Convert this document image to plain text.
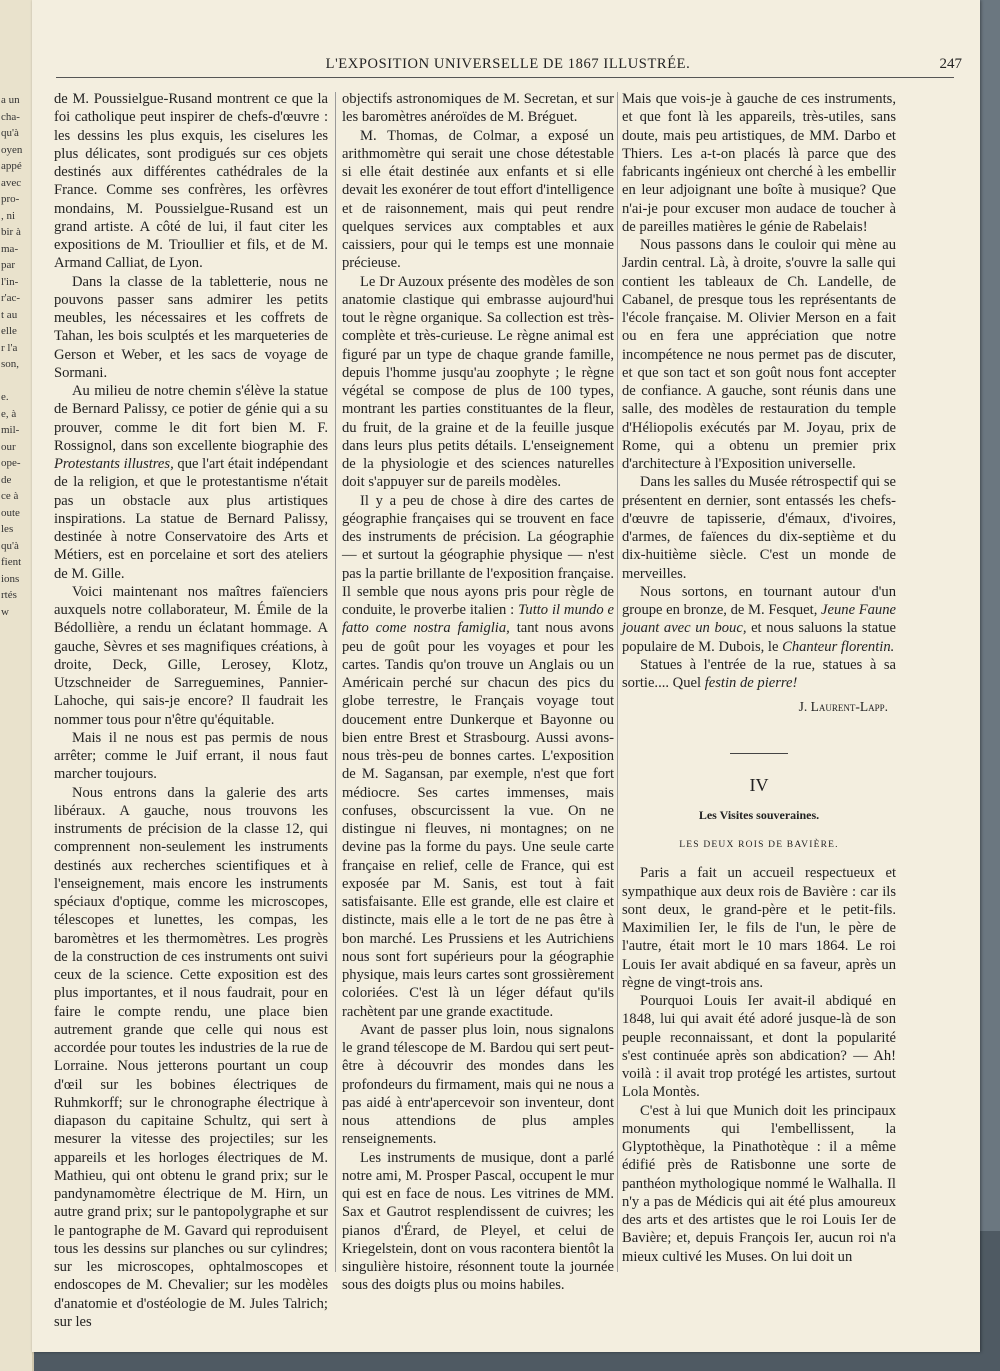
a un
cha-
qu'à
oyen
appé
avec
pro-
, ni
bir à
ma-
par
l'in-
r'ac-
t au
elle
r l'a
son,

e.
e, à
mil-
our
ope-
de
ce à
oute
les
qu'à
fient
ions
rtés
w
L'EXPOSITION UNIVERSELLE DE 1867 ILLUSTRÉE.	247

de M. Poussielgue-Rusand montrent ce que la foi catholique peut inspirer de chefs-d'œuvre : les dessins les plus exquis, les ciselures les plus délicates, sont prodigués sur ces objets destinés aux différentes cathédrales de la France. Comme ses confrères, les orfèvres mondains, M. Poussielgue-Rusand est un grand artiste. A côté de lui, il faut citer les expositions de M. Trioullier et fils, et de M. Armand Calliat, de Lyon.

Dans la classe de la tabletterie, nous ne pouvons passer sans admirer les petits meubles, les nécessaires et les coffrets de Tahan, les bois sculptés et les marqueteries de Gerson et Weber, et les sacs de voyage de Sormani.

Au milieu de notre chemin s'élève la statue de Bernard Palissy, ce potier de génie qui a su prouver, comme le dit fort bien M. F. Rossignol, dans son excellente biographie des Protestants illustres, que l'art était indépendant de la religion, et que le protestantisme n'était pas un obstacle aux plus artistiques inspirations. La statue de Bernard Palissy, destinée à notre Conservatoire des Arts et Métiers, est en porcelaine et sort des ateliers de M. Gille.

Voici maintenant nos maîtres faïenciers auxquels notre collaborateur, M. Émile de la Bédollière, a rendu un éclatant hommage. A gauche, Sèvres et ses magnifiques créations, à droite, Deck, Gille, Lerosey, Klotz, Utzschneider de Sarreguemines, Pannier-Lahoche, qui sais-je encore? Il faudrait les nommer tous pour n'être qu'équitable.

Mais il ne nous est pas permis de nous arrêter; comme le Juif errant, il nous faut marcher toujours.

Nous entrons dans la galerie des arts libéraux. A gauche, nous trouvons les instruments de précision de la classe 12, qui comprennent non-seulement les instruments destinés aux recherches scientifiques et à l'enseignement, mais encore les instruments spéciaux d'optique, comme les microscopes, télescopes et lunettes, les compas, les baromètres et les thermomètres. Les progrès de la construction de ces instruments ont suivi ceux de la science. Cette exposition est des plus importantes, et il nous faudrait, pour en faire le compte rendu, une place bien autrement grande que celle qui nous est accordée pour toutes les industries de la rue de Lorraine. Nous jetterons pourtant un coup d'œil sur les bobines électriques de Ruhmkorff; sur le chronographe électrique à diapason du capitaine Schultz, qui sert à mesurer la vitesse des projectiles; sur les appareils et les horloges électriques de M. Mathieu, qui ont obtenu le grand prix; sur le pandynamomètre électrique de M. Hirn, un autre grand prix; sur le pantopolygraphe et sur le pantographe de M. Gavard qui reproduisent tous les dessins sur planches ou sur cylindres; sur les microscopes, ophtalmoscopes et endoscopes de M. Chevalier; sur les modèles d'anatomie et d'ostéologie de M. Jules Talrich; sur les

objectifs astronomiques de M. Secretan, et sur les baromètres anéroïdes de M. Bréguet.

M. Thomas, de Colmar, a exposé un arithmomètre qui serait une chose détestable si elle était destinée aux enfants et si elle devait les exonérer de tout effort d'intelligence et de raisonnement, mais qui peut rendre quelques services aux comptables et aux caissiers, pour qui le temps est une monnaie précieuse.

Le Dr Auzoux présente des modèles de son anatomie clastique qui embrasse aujourd'hui tout le règne organique. Sa collection est très-complète et très-curieuse. Le règne animal est figuré par un type de chaque grande famille, depuis l'homme jusqu'au zoophyte ; le règne végétal se compose de plus de 100 types, montrant les parties constituantes de la fleur, du fruit, de la graine et de la feuille jusque dans leurs plus petits détails. L'enseignement de la physiologie et des sciences naturelles doit s'appuyer sur de pareils modèles.

Il y a peu de chose à dire des cartes de géographie françaises qui se trouvent en face des instruments de précision. La géographie — et surtout la géographie physique — n'est pas la partie brillante de l'exposition française. Il semble que nous ayons pris pour règle de conduite, le proverbe italien : Tutto il mundo e fatto come nostra famiglia, tant nous avons peu de goût pour les voyages et pour les cartes. Tandis qu'on trouve un Anglais ou un Américain perché sur chacun des pics du globe terrestre, le Français voyage tout doucement entre Dunkerque et Bayonne ou bien entre Brest et Strasbourg. Aussi avons-nous très-peu de bonnes cartes. L'exposition de M. Sagansan, par exemple, n'est que fort médiocre. Ses cartes immenses, mais confuses, obscurcissent la vue. On ne distingue ni fleuves, ni montagnes; on ne devine pas la forme du pays. Une seule carte française en relief, celle de France, qui est exposée par M. Sanis, est tout à fait satisfaisante. Elle est grande, elle est claire et distincte, mais elle a le tort de ne pas être à bon marché. Les Prussiens et les Autrichiens nous sont fort supérieurs pour la géographie physique, mais leurs cartes sont grossièrement coloriées. C'est là un léger défaut qu'ils rachètent par une grande exactitude.

Avant de passer plus loin, nous signalons le grand télescope de M. Bardou qui sert peut-être à découvrir des mondes dans les profondeurs du firmament, mais qui ne nous a pas aidé à entr'apercevoir son inventeur, dont nous attendions de plus amples renseignements.

Les instruments de musique, dont a parlé notre ami, M. Prosper Pascal, occupent le mur qui est en face de nous. Les vitrines de MM. Sax et Gautrot resplendissent de cuivres; les pianos d'Érard, de Pleyel, et celui de Kriegelstein, dont on vous racontera bientôt la singulière histoire, résonnent toute la journée sous des doigts plus ou moins habiles.

Mais que vois-je à gauche de ces instruments, et que font là les appareils, très-utiles, sans doute, mais peu artistiques, de MM. Darbo et Thiers. Les a-t-on placés là parce que des fabricants ingénieux ont cherché à les embellir en leur adjoignant une boîte à musique? Que n'ai-je pour excuser mon audace de toucher à de pareilles matières le génie de Rabelais!

Nous passons dans le couloir qui mène au Jardin central. Là, à droite, s'ouvre la salle qui contient les tableaux de Ch. Landelle, de Cabanel, de presque tous les représentants de l'école française. M. Olivier Merson en a fait ou en fera une appréciation que notre incompétence ne nous permet pas de discuter, et que son tact et son goût nous font accepter de confiance. A gauche, sont réunis dans une salle, des modèles de restauration du temple d'Héliopolis exécutés par M. Joyau, prix de Rome, qui a obtenu un premier prix d'architecture à l'Exposition universelle.

Dans les salles du Musée rétrospectif qui se présentent en dernier, sont entassés les chefs-d'œuvre de tapisserie, d'émaux, d'ivoires, d'armes, de faïences du dix-septième et du dix-huitième siècle. C'est un monde de merveilles.

Nous sortons, en tournant autour d'un groupe en bronze, de M. Fesquet, Jeune Faune jouant avec un bouc, et nous saluons la statue populaire de M. Dubois, le Chanteur florentin.

Statues à l'entrée de la rue, statues à sa sortie.... Quel festin de pierre!

J. Laurent-Lapp.

IV
Les Visites souveraines.
LES DEUX ROIS DE BAVIÈRE.

Paris a fait un accueil respectueux et sympathique aux deux rois de Bavière : car ils sont deux, le grand-père et le petit-fils. Maximilien Ier, le fils de l'un, le père de l'autre, était mort le 10 mars 1864. Le roi Louis Ier avait abdiqué en sa faveur, après un règne de vingt-trois ans.

Pourquoi Louis Ier avait-il abdiqué en 1848, lui qui avait été adoré jusque-là de son peuple reconnaissant, et dont la popularité s'est continuée après son abdication? — Ah! voilà : il avait trop protégé les artistes, surtout Lola Montès.

C'est à lui que Munich doit les principaux monuments qui l'embellissent, la Glyptothèque, la Pinathotèque : il a même édifié près de Ratisbonne une sorte de panthéon mythologique nommé le Walhalla. Il n'y a pas de Médicis qui ait été plus amoureux des arts et des artistes que le roi Louis Ier de Bavière; et, depuis François Ier, aucun roi n'a mieux cultivé les Muses. On lui doit un
